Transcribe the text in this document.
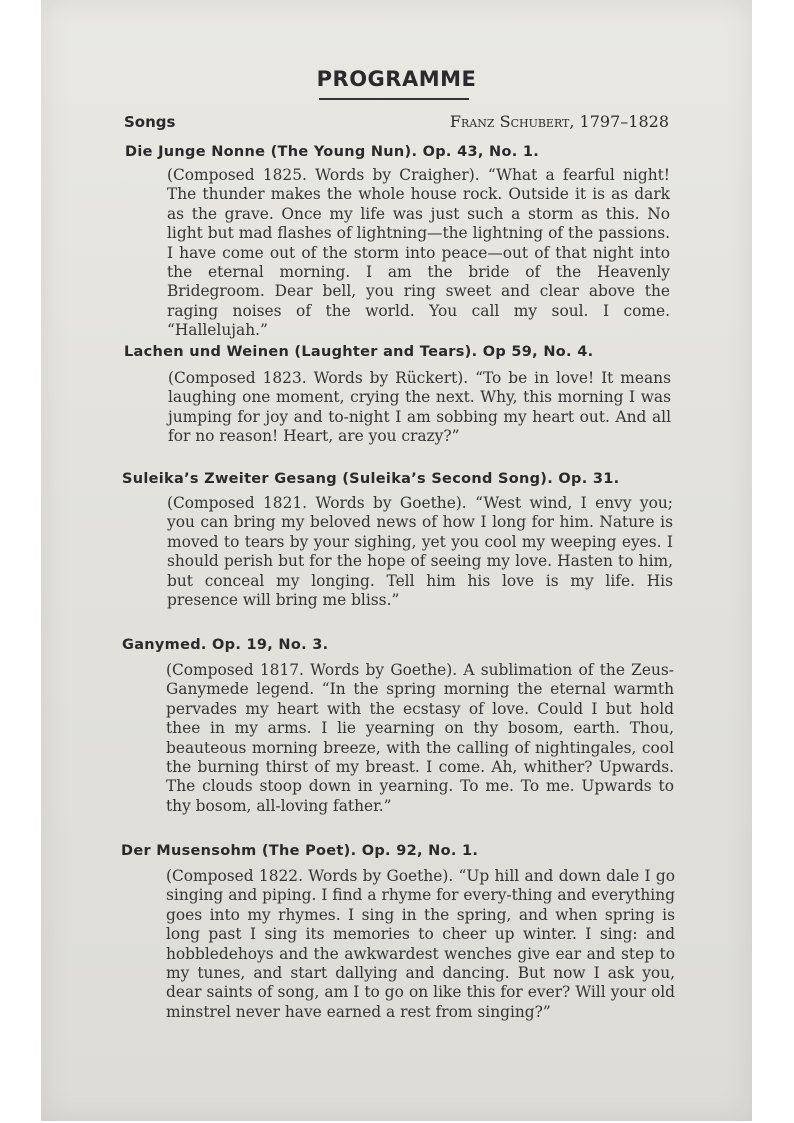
PROGRAMME
Songs	Franz Schubert, 1797–1828
Die Junge Nonne (The Young Nun). Op. 43, No. 1.

(Composed 1825. Words by Craigher). “What a fearful night! The thunder makes the whole house rock. Outside it is as dark as the grave. Once my life was just such a storm as this. No light but mad flashes of lightning—the lightning of the passions. I have come out of the storm into peace—out of that night into the eternal morning. I am the bride of the Heavenly Bridegroom. Dear bell, you ring sweet and clear above the raging noises of the world. You call my soul. I come. “Hallelujah.”

Lachen und Weinen (Laughter and Tears). Op 59, No. 4.

(Composed 1823. Words by Rückert). “To be in love! It means laughing one moment, crying the next. Why, this morning I was jumping for joy and to-night I am sobbing my heart out. And all for no reason! Heart, are you crazy?”

Suleika’s Zweiter Gesang (Suleika’s Second Song). Op. 31.

(Composed 1821. Words by Goethe). “West wind, I envy you; you can bring my beloved news of how I long for him. Nature is moved to tears by your sighing, yet you cool my weeping eyes. I should perish but for the hope of seeing my love. Hasten to him, but conceal my longing. Tell him his love is my life. His presence will bring me bliss.”

Ganymed. Op. 19, No. 3.

(Composed 1817. Words by Goethe). A sublimation of the Zeus-Ganymede legend. “In the spring morning the eternal warmth pervades my heart with the ecstasy of love. Could I but hold thee in my arms. I lie yearning on thy bosom, earth. Thou, beauteous morning breeze, with the calling of nightingales, cool the burning thirst of my breast. I come. Ah, whither? Upwards. The clouds stoop down in yearning. To me. To me. Upwards to thy bosom, all-loving father.”

Der Musensohm (The Poet). Op. 92, No. 1.

(Composed 1822. Words by Goethe). “Up hill and down dale I go singing and piping. I find a rhyme for every-thing and everything goes into my rhymes. I sing in the spring, and when spring is long past I sing its memories to cheer up winter. I sing: and hobbledehoys and the awkwardest wenches give ear and step to my tunes, and start dallying and dancing. But now I ask you, dear saints of song, am I to go on like this for ever? Will your old minstrel never have earned a rest from singing?”
